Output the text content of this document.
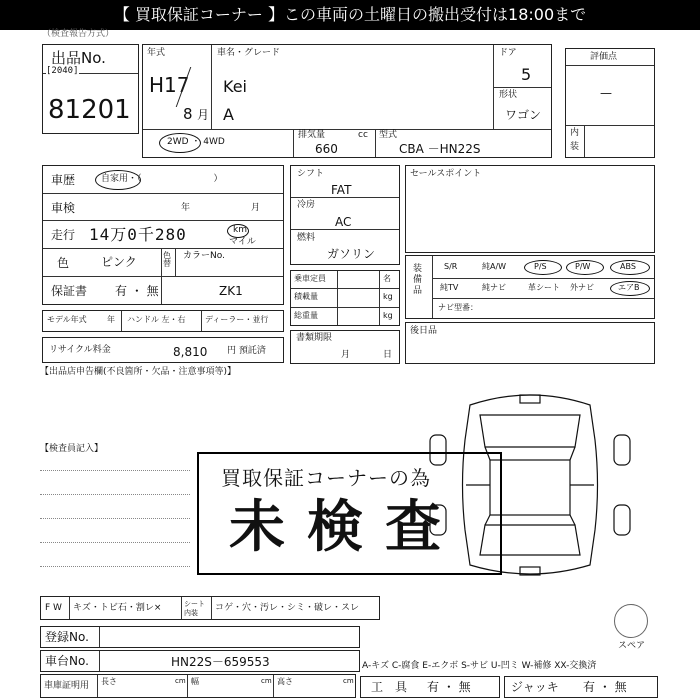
【 買取保証コーナー 】この車両の土曜日の搬出受付は18:00まで
（検査報告方式）
出品No.
[2040]
81201
年式
H17
8 月
車名・グレード
Kei
A
ドア
5
形状
ワゴン
2WD ・ 4WD
排気量	cc
660
型式
CBA －HN22S
評価点
—
内
装
車歴	自家用・（　　　　　　　　）
車検	年	月
走行 14万0千280	km
マイル
色	ピンク	色替
カラーNo.
保証書 有 ・ 無	ZK1
モデル年式	年 ハンドル 左・右 ディーラー・並行
リサイクル料金	8,810 円 預託済
【出品店申告欄(不良箇所・欠品・注意事項等)】
シフト
FAT
冷房
AC
燃料
ガソリン
乗車定員	名
積載量	kg
総重量	kg
書類期限
月	日
セールスポイント
装備品
S/R	純A/W	P/S	P/W	ABS
純TV	純ナビ	革シート 外ナビ	エアB
ナビ型番：
後日品
【検査員記入】
買取保証コーナーの為
未検査
F W キズ・トビ石・割レ×	シート内装	コゲ・穴・汚レ・シミ・破レ・スレ
スペア
登録No.
車台No.	HN22S－659553	A-キズ C-腐食 E-エクボ S-サビ U-凹ミ W-補修 XX-交換済
車庫証明用 長さ	cm 幅	cm 高さ	cm 工　具 有 ・ 無	ジャッキ 有 ・ 無
